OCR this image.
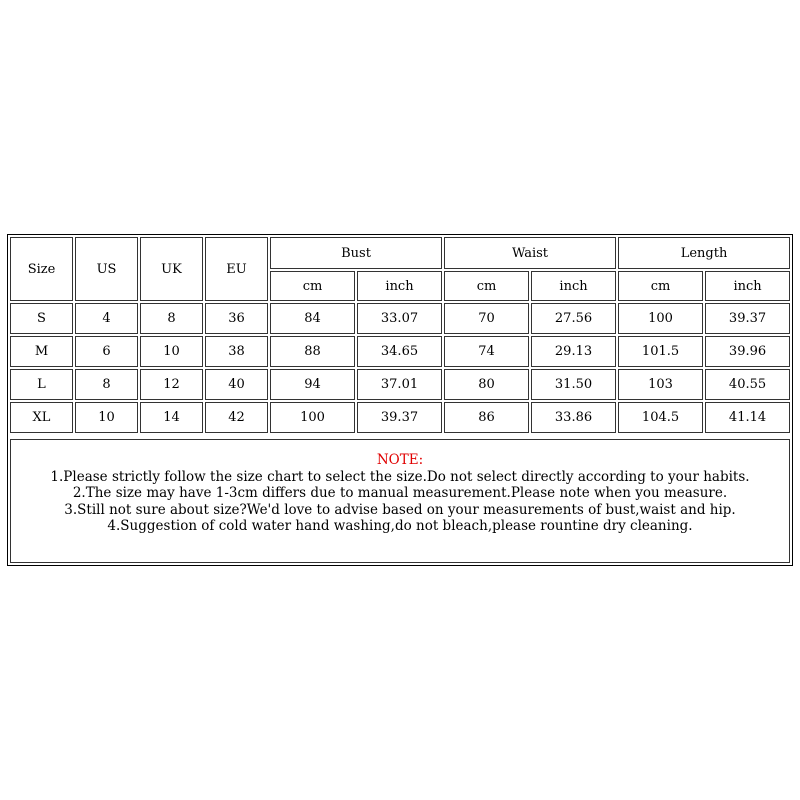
Size	US	UK	EU	Bust		Waist		Length	
				cm	inch	cm	inch	cm	inch
S	4	8	36	84	33.07	70	27.56	100	39.37
M	6	10	38	88	34.65	74	29.13	101.5	39.96
L	8	12	40	94	37.01	80	31.50	103	40.55
XL	10	14	42	100	39.37	86	33.86	104.5	41.14
NOTE:
1.Please strictly follow the size chart to select the size.Do not select directly according to your habits.
2.The size may have 1-3cm differs due to manual measurement.Please note when you measure.
3.Still not sure about size?We'd love to advise based on your measurements of bust,waist and hip.
4.Suggestion of cold water hand washing,do not bleach,please rountine dry cleaning.
